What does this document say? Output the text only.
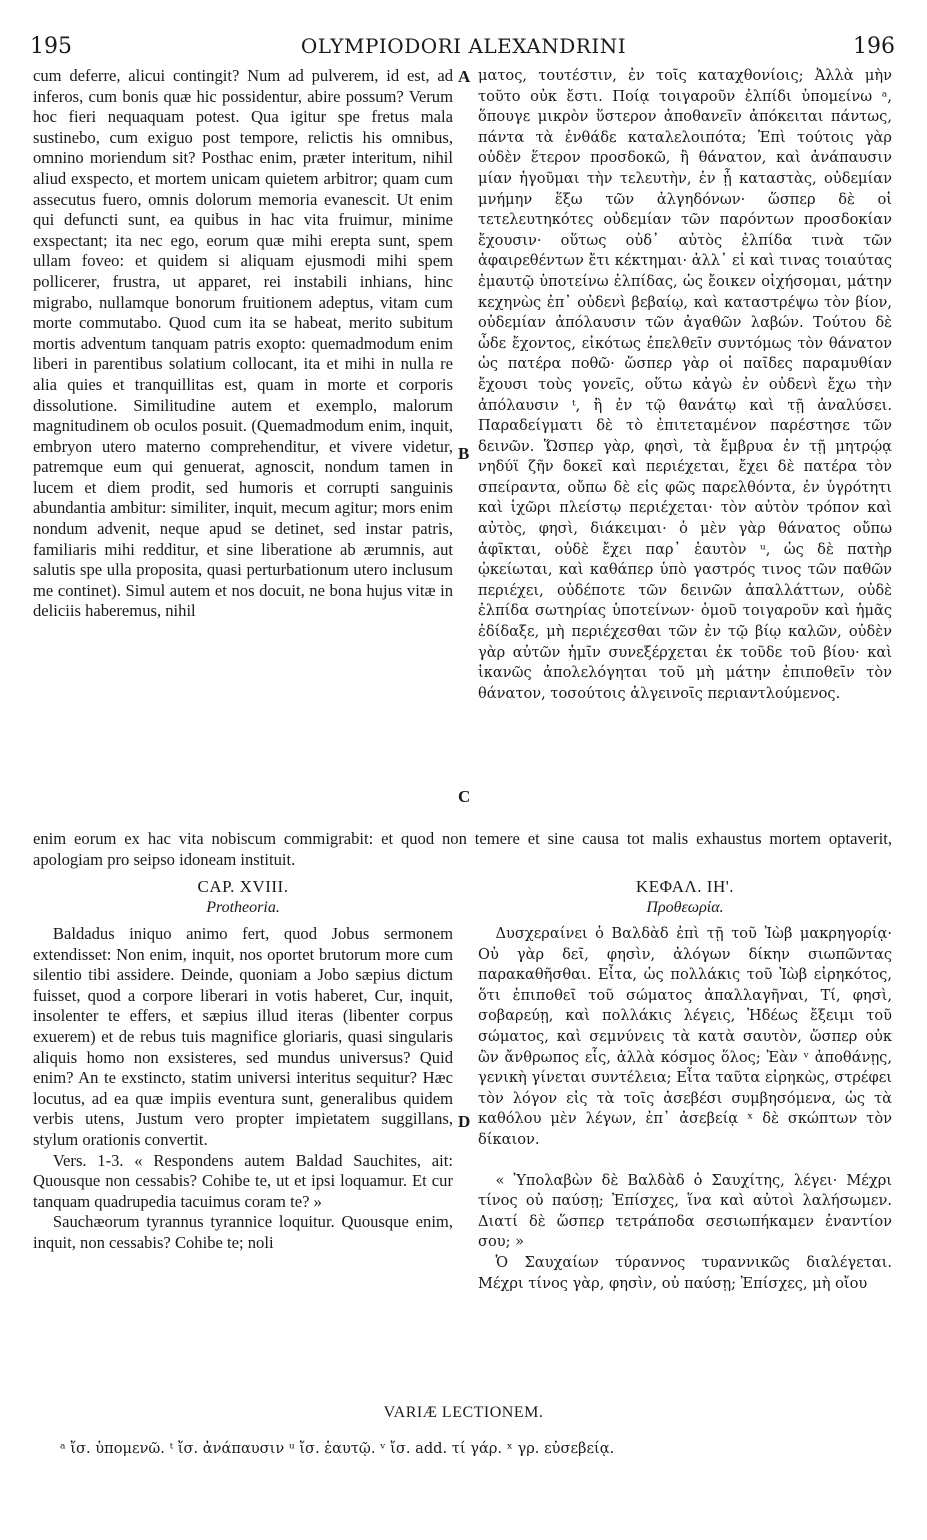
195	OLYMPIODORI ALEXANDRINI	196

cum deferre, alicui contingit? Num ad pulverem, id est, ad inferos, cum bonis quæ hic possidentur, abire possum? Verum hoc fieri nequaquam potest. Qua igitur spe fretus mala sustinebo, cum exiguo post tempore, relictis his omnibus, omnino moriendum sit? Posthac enim, præter interitum, nihil aliud exspecto, et mortem unicam quietem arbitror; quam cum assecutus fuero, omnis dolorum memoria evanescit. Ut enim qui defuncti sunt, ea quibus in hac vita fruimur, minime exspectant; ita nec ego, eorum quæ mihi erepta sunt, spem ullam foveo: et quidem si aliquam ejusmodi mihi spem pollicerer, frustra, ut apparet, rei instabili inhians, hinc migrabo, nullamque bonorum fruitionem adeptus, vitam cum morte commutabo. Quod cum ita se habeat, merito subitum mortis adventum tanquam patris exopto: quemadmodum enim liberi in parentibus solatium collocant, ita et mihi in nulla re alia quies et tranquillitas est, quam in morte et corporis dissolutione. Similitudine autem et exemplo, malorum magnitudinem ob oculos posuit. (Quemadmodum enim, inquit, embryon utero materno comprehenditur, et vivere videtur, patremque eum qui genuerat, agnoscit, nondum tamen in lucem et diem prodit, sed humoris et corrupti sanguinis abundantia ambitur: similiter, inquit, mecum agitur; mors enim nondum advenit, neque apud se detinet, sed instar patris, familiaris mihi redditur, et sine liberatione ab ærumnis, aut salutis spe ulla proposita, quasi perturbationum utero inclusum me continet). Simul autem et nos docuit, ne bona hujus vitæ in deliciis haberemus, nihil

ματος, τουτέστιν, ἐν τοῖς καταχθονίοις; Ἀλλὰ μὴν τοῦτο οὐκ ἔστι. Ποίᾳ τοιγαροῦν ἐλπίδι ὑπομείνω ᵃ, ὅπουγε μικρὸν ὕστερον ἀποθανεῖν ἀπόκειται πάντως, πάντα τὰ ἐνθάδε καταλελοιπότα; Ἐπὶ τούτοις γὰρ οὐδὲν ἕτερον προσδοκῶ, ἢ θάνατον, καὶ ἀνάπαυσιν μίαν ἡγοῦμαι τὴν τελευτὴν, ἐν ᾗ καταστὰς, οὐδεμίαν μνήμην ἕξω τῶν ἀλγηδόνων· ὥσπερ δὲ οἱ τετελευτηκότες οὐδεμίαν τῶν παρόντων προσδοκίαν ἔχουσιν· οὕτως οὐδ᾽ αὐτὸς ἐλπίδα τινὰ τῶν ἀφαιρεθέντων ἔτι κέκτημαι· ἀλλ᾽ εἰ καὶ τινας τοιαύτας ἐμαυτῷ ὑποτείνω ἐλπίδας, ὡς ἔοικεν οἰχήσομαι, μάτην κεχηνὼς ἐπ᾽ οὐδενὶ βεβαίῳ, καὶ καταστρέψω τὸν βίον, οὐδεμίαν ἀπόλαυσιν τῶν ἀγαθῶν λαβών. Τούτου δὲ ὧδε ἔχοντος, εἰκότως ἐπελθεῖν συντόμως τὸν θάνατον ὡς πατέρα ποθῶ· ὥσπερ γὰρ οἱ παῖδες παραμυθίαν ἔχουσι τοὺς γονεῖς, οὕτω κἀγὼ ἐν οὐδενὶ ἔχω τὴν ἀπόλαυσιν ᵗ, ἢ ἐν τῷ θανάτῳ καὶ τῇ ἀναλύσει. Παραδείγματι δὲ τὸ ἐπιτεταμένον παρέστησε τῶν δεινῶν. Ὥσπερ γὰρ, φησὶ, τὰ ἔμβρυα ἐν τῇ μητρῴᾳ νηδύϊ ζῆν δοκεῖ καὶ περιέχεται, ἔχει δὲ πατέρα τὸν σπείραντα, οὔπω δὲ εἰς φῶς παρελθόντα, ἐν ὑγρότητι καὶ ἰχῶρι πλείστῳ περιέχεται· τὸν αὐτὸν τρόπον καὶ αὐτὸς, φησὶ, διάκειμαι· ὁ μὲν γὰρ θάνατος οὔπω ἀφῖκται, οὐδὲ ἔχει παρ᾽ ἑαυτὸν ᵘ, ὡς δὲ πατὴρ ᾠκείωται, καὶ καθάπερ ὑπὸ γαστρός τινος τῶν παθῶν περιέχει, οὐδέποτε τῶν δεινῶν ἀπαλλάττων, οὐδὲ ἐλπίδα σωτηρίας ὑποτείνων· ὁμοῦ τοιγαροῦν καὶ ἡμᾶς ἐδίδαξε, μὴ περιέχεσθαι τῶν ἐν τῷ βίῳ καλῶν, οὐδὲν γὰρ αὐτῶν ἡμῖν συνεξέρχεται ἐκ τοῦδε τοῦ βίου· καὶ ἱκανῶς ἀπολελόγηται τοῦ μὴ μάτην ἐπιποθεῖν τὸν θάνατον, τοσούτοις ἀλγεινοῖς περιαντλούμενος.

A
B
C
D
enim eorum ex hac vita nobiscum commigrabit: et quod non temere et sine causa tot malis exhaustus mortem optaverit, apologiam pro seipso idoneam instituit.
CAP. XVIII.
Protheoria.
ΚΕΦΑΛ. ΙΗ'.
Προθεωρία.

Baldadus iniquo animo fert, quod Jobus sermonem extendisset: Non enim, inquit, nos oportet brutorum more cum silentio tibi assidere. Deinde, quoniam a Jobo sæpius dictum fuisset, quod a corpore liberari in votis haberet, Cur, inquit, insolenter te effers, et sæpius illud iteras (libenter corpus exuerem) et de rebus tuis magnifice gloriaris, quasi singularis aliquis homo non exsisteres, sed mundus universus? Quid enim? An te exstincto, statim universi interitus sequitur? Hæc locutus, ad ea quæ impiis eventura sunt, generalibus quidem verbis utens, Justum vero propter impietatem suggillans, stylum orationis convertit.

Vers. 1-3. « Respondens autem Baldad Sauchites, ait: Quousque non cessabis? Cohibe te, ut et ipsi loquamur. Et cur tanquam quadrupedia tacuimus coram te? »

Sauchæorum tyrannus tyrannice loquitur. Quousque enim, inquit, non cessabis? Cohibe te; noli

Δυσχεραίνει ὁ Βαλδὰδ ἐπὶ τῇ τοῦ Ἰὼβ μακρηγορίᾳ· Οὐ γὰρ δεῖ, φησὶν, ἀλόγων δίκην σιωπῶντας παρακαθῆσθαι. Εἶτα, ὡς πολλάκις τοῦ Ἰὼβ εἰρηκότος, ὅτι ἐπιποθεῖ τοῦ σώματος ἀπαλλαγῆναι, Τί, φησὶ, σοβαρεύῃ, καὶ πολλάκις λέγεις, Ἡδέως ἔξειμι τοῦ σώματος, καὶ σεμνύνεις τὰ κατὰ σαυτὸν, ὥσπερ οὐκ ὢν ἄνθρωπος εἷς, ἀλλὰ κόσμος ὅλος; Ἐὰν ᵛ ἀποθάνῃς, γενικὴ γίνεται συντέλεια; Εἶτα ταῦτα εἰρηκὼς, στρέφει τὸν λόγον εἰς τὰ τοῖς ἀσεβέσι συμβησόμενα, ὡς τὰ καθόλου μὲν λέγων, ἐπ᾽ ἀσεβείᾳ ˣ δὲ σκώπτων τὸν δίκαιον.

« Ὑπολαβὼν δὲ Βαλδὰδ ὁ Σαυχίτης, λέγει· Μέχρι τίνος οὐ παύσῃ; Ἐπίσχες, ἵνα καὶ αὐτοὶ λαλήσωμεν. Διατί δὲ ὥσπερ τετράποδα σεσιωπήκαμεν ἐναντίον σου; »

Ὁ Σαυχαίων τύραννος τυραννικῶς διαλέγεται. Μέχρι τίνος γὰρ, φησὶν, οὐ παύσῃ; Ἐπίσχες, μὴ οἴου

VARIÆ LECTIONEM.
ᵃ ἴσ. ὑπομενῶ. ᵗ ἴσ. ἀνάπαυσιν ᵘ ἴσ. ἑαυτῷ. ᵛ ἴσ. add. τί γάρ. ˣ γρ. εὐσεβείᾳ.
